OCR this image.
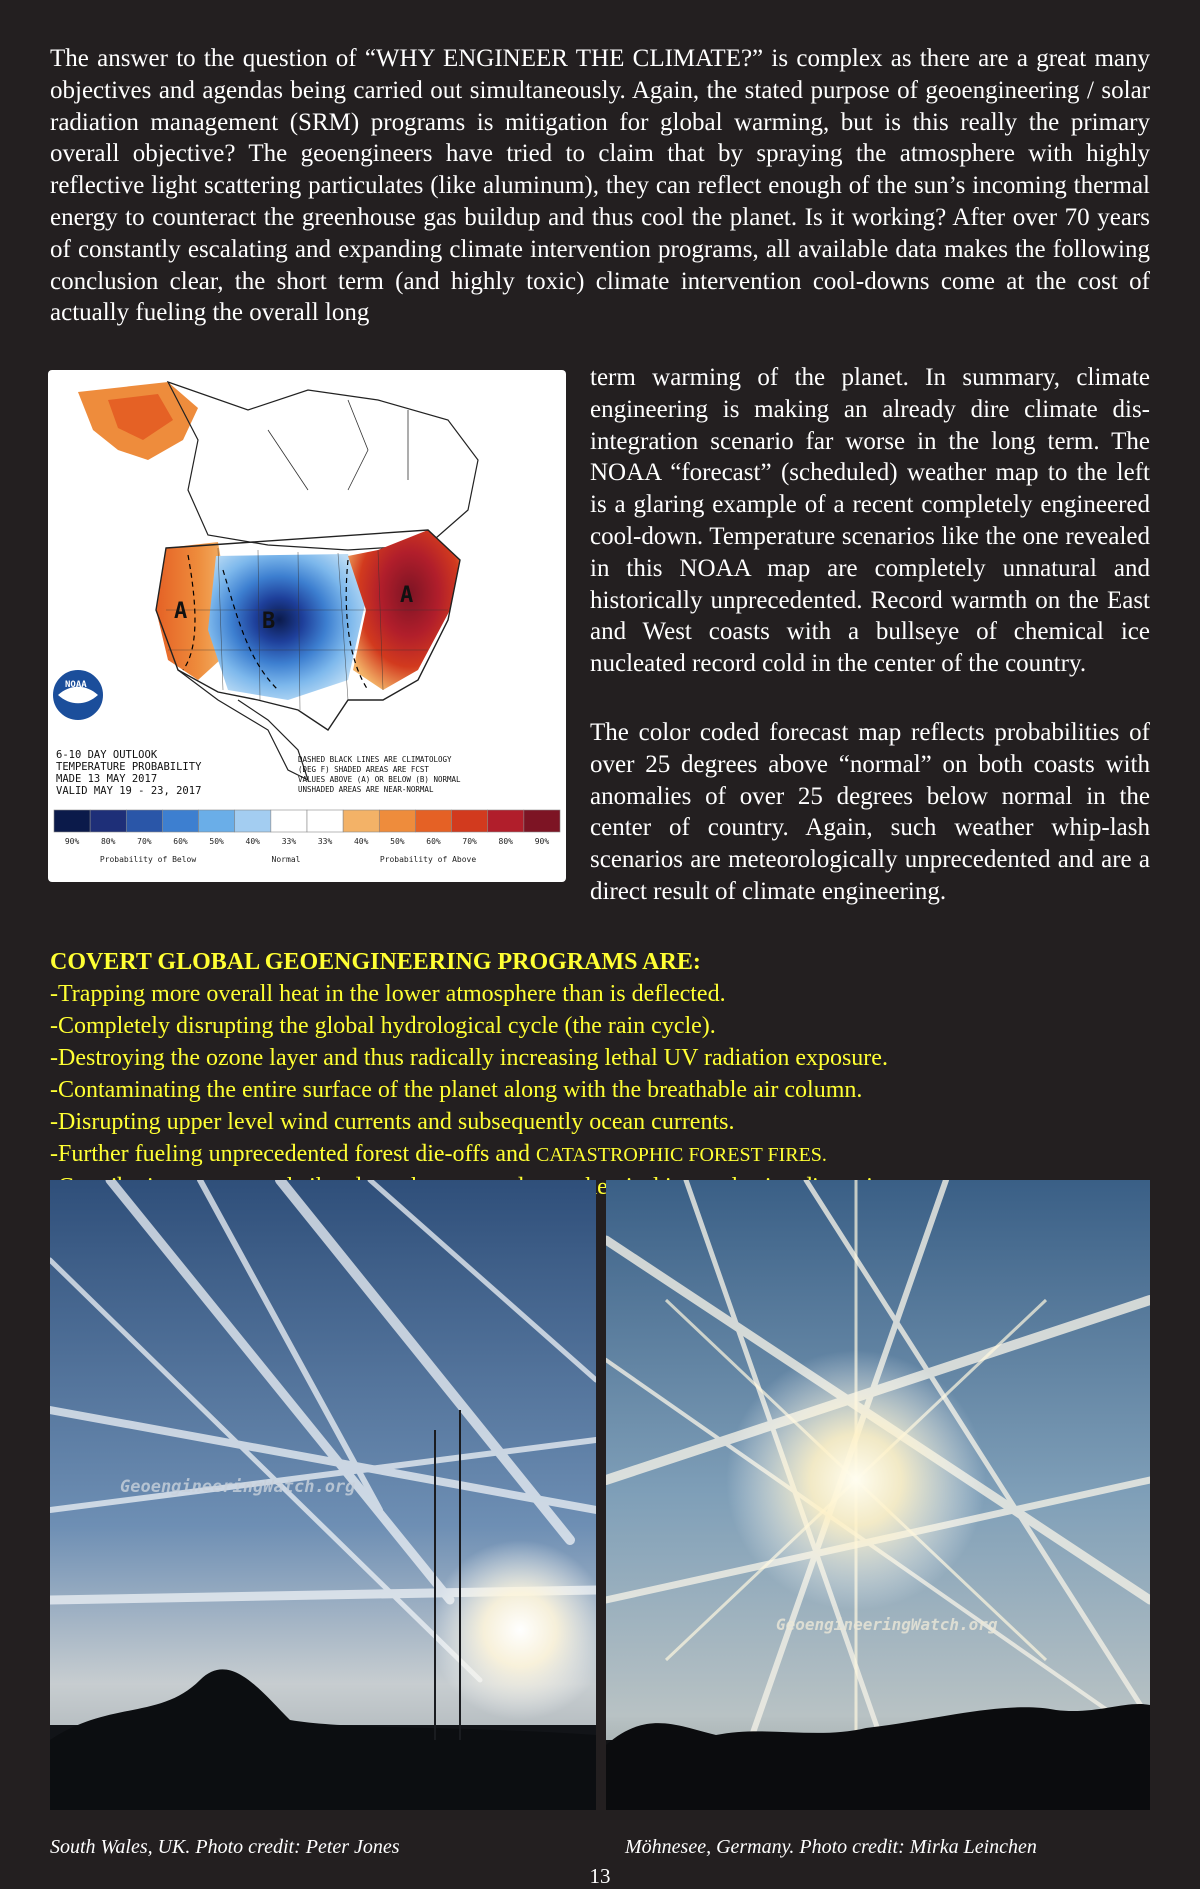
The answer to the question of “WHY ENGINEER THE CLIMATE?” is complex as there are a great many objectives and agendas being carried out simultaneously. Again, the stated purpose of geoengineering / solar radiation management (SRM) programs is mitigation for global warming, but is this really the primary overall objective? The geoengineers have tried to claim that by spraying the atmosphere with highly reflective light scattering particulates (like aluminum), they can reflect enough of the sun’s incoming thermal energy to counteract the greenhouse gas buildup and thus cool the planet. Is it working? After over 70 years of constantly escalating and expanding climate intervention programs, all available data makes the following conclusion clear, the short term (and highly toxic) climate intervention cool-downs come at the cost of actually fueling the overall long

B
A
A
NOAA
6-10 DAY OUTLOOK
TEMPERATURE PROBABILITY
MADE 13 MAY 2017
VALID MAY 19 - 23, 2017
DASHED BLACK LINES ARE CLIMATOLOGY
(DEG F) SHADED AREAS ARE FCST
VALUES ABOVE (A) OR BELOW (B) NORMAL
UNSHADED AREAS ARE NEAR-NORMAL
90%	80%	70%	60%	50%	40%	33%	33%	40%	50%	60%	70%	80%	90%
Probability of Below	Normal	Probability of Above

term warming of the planet. In summary, climate engineering is making an already dire climate dis-integration scenario far worse in the long term. The NOAA “forecast” (scheduled) weather map to the left is a glaring example of a recent completely engineered cool-down. Temperature scenarios like the one revealed in this NOAA map are completely unnatural and historically unprecedented. Record warmth on the East and West coasts with a bullseye of chemical ice nucleated record cold in the center of the country.

The color coded forecast map reflects probabilities of over 25 degrees above “normal” on both coasts with anomalies of over 25 degrees below normal in the center of country. Again, such weather whip-lash scenarios are meteorologically unprecedented and are a direct result of climate engineering.

COVERT GLOBAL GEOENGINEERING PROGRAMS ARE:
-Trapping more overall heat in the lower atmosphere than is deflected.
-Completely disrupting the global hydrological cycle (the rain cycle).
-Destroying the ozone layer and thus radically increasing lethal UV radiation exposure.
-Contaminating the entire surface of the planet along with the breathable air column.
-Disrupting upper level wind currents and subsequently ocean currents.
-Further fueling unprecedented forest die-offs and CATASTROPHIC FOREST FIRES.
GeoengineeringWatch.org
GeoengineeringWatch.org

South Wales, UK. Photo credit: Peter Jones	Möhnesee, Germany. Photo credit: Mirka Leinchen

13
